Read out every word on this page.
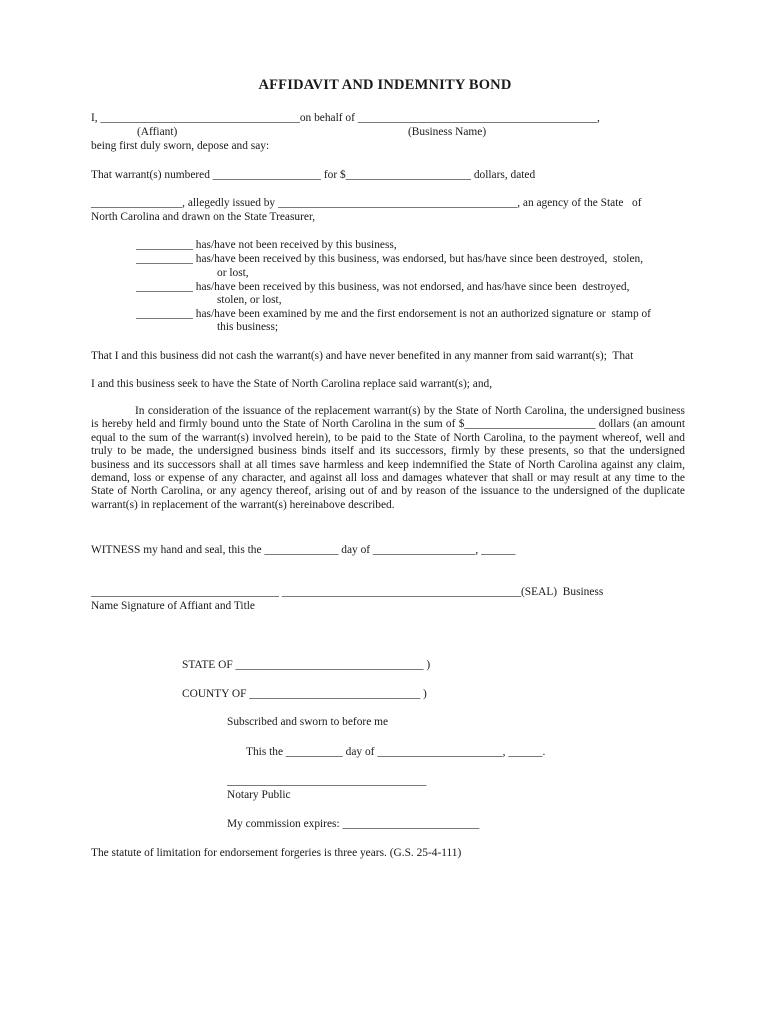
AFFIDAVIT AND INDEMNITY BOND
I, ___________________________________on behalf of __________________________________________,
(Affiant)	(Business Name)
being first duly sworn, depose and say:
That warrant(s) numbered ___________________ for $______________________ dollars, dated
________________, allegedly issued by __________________________________________, an agency of the State   of
North Carolina and drawn on the State Treasurer,
__________ has/have not been received by this business,
__________ has/have been received by this business, was endorsed, but has/have since been destroyed,  stolen,
or lost,
__________ has/have been received by this business, was not endorsed, and has/have since been  destroyed,
stolen, or lost,
__________ has/have been examined by me and the first endorsement is not an authorized signature or  stamp of
this business;
That I and this business did not cash the warrant(s) and have never benefited in any manner from said warrant(s);  That
I and this business seek to have the State of North Carolina replace said warrant(s); and,
In consideration of the issuance of the replacement warrant(s) by the State of North Carolina, the undersigned business is hereby held and firmly bound unto the State of North Carolina in the sum of $_______________________ dollars (an amount equal to the sum of the warrant(s) involved herein), to be paid to the State of North Carolina, to the payment whereof, well and truly to be made, the undersigned business binds itself and its successors, firmly by these presents, so that the undersigned business and its successors shall at all times save harmless and keep indemnified the State of North Carolina against any claim, demand, loss or expense of any character, and against all loss and damages whatever that shall or may result at any time to the State of North Carolina, or any agency thereof, arising out of and by reason of the issuance to the undersigned of the duplicate warrant(s) in replacement of the warrant(s) hereinabove described.
WITNESS my hand and seal, this the _____________ day of __________________, ______
_________________________________ __________________________________________(SEAL)  Business
Name Signature of Affiant and Title
STATE OF _________________________________ )
COUNTY OF ______________________________ )
Subscribed and sworn to before me
This the __________ day of ______________________, ______.
___________________________________
Notary Public
My commission expires: ________________________
The statute of limitation for endorsement forgeries is three years. (G.S. 25-4-111)
